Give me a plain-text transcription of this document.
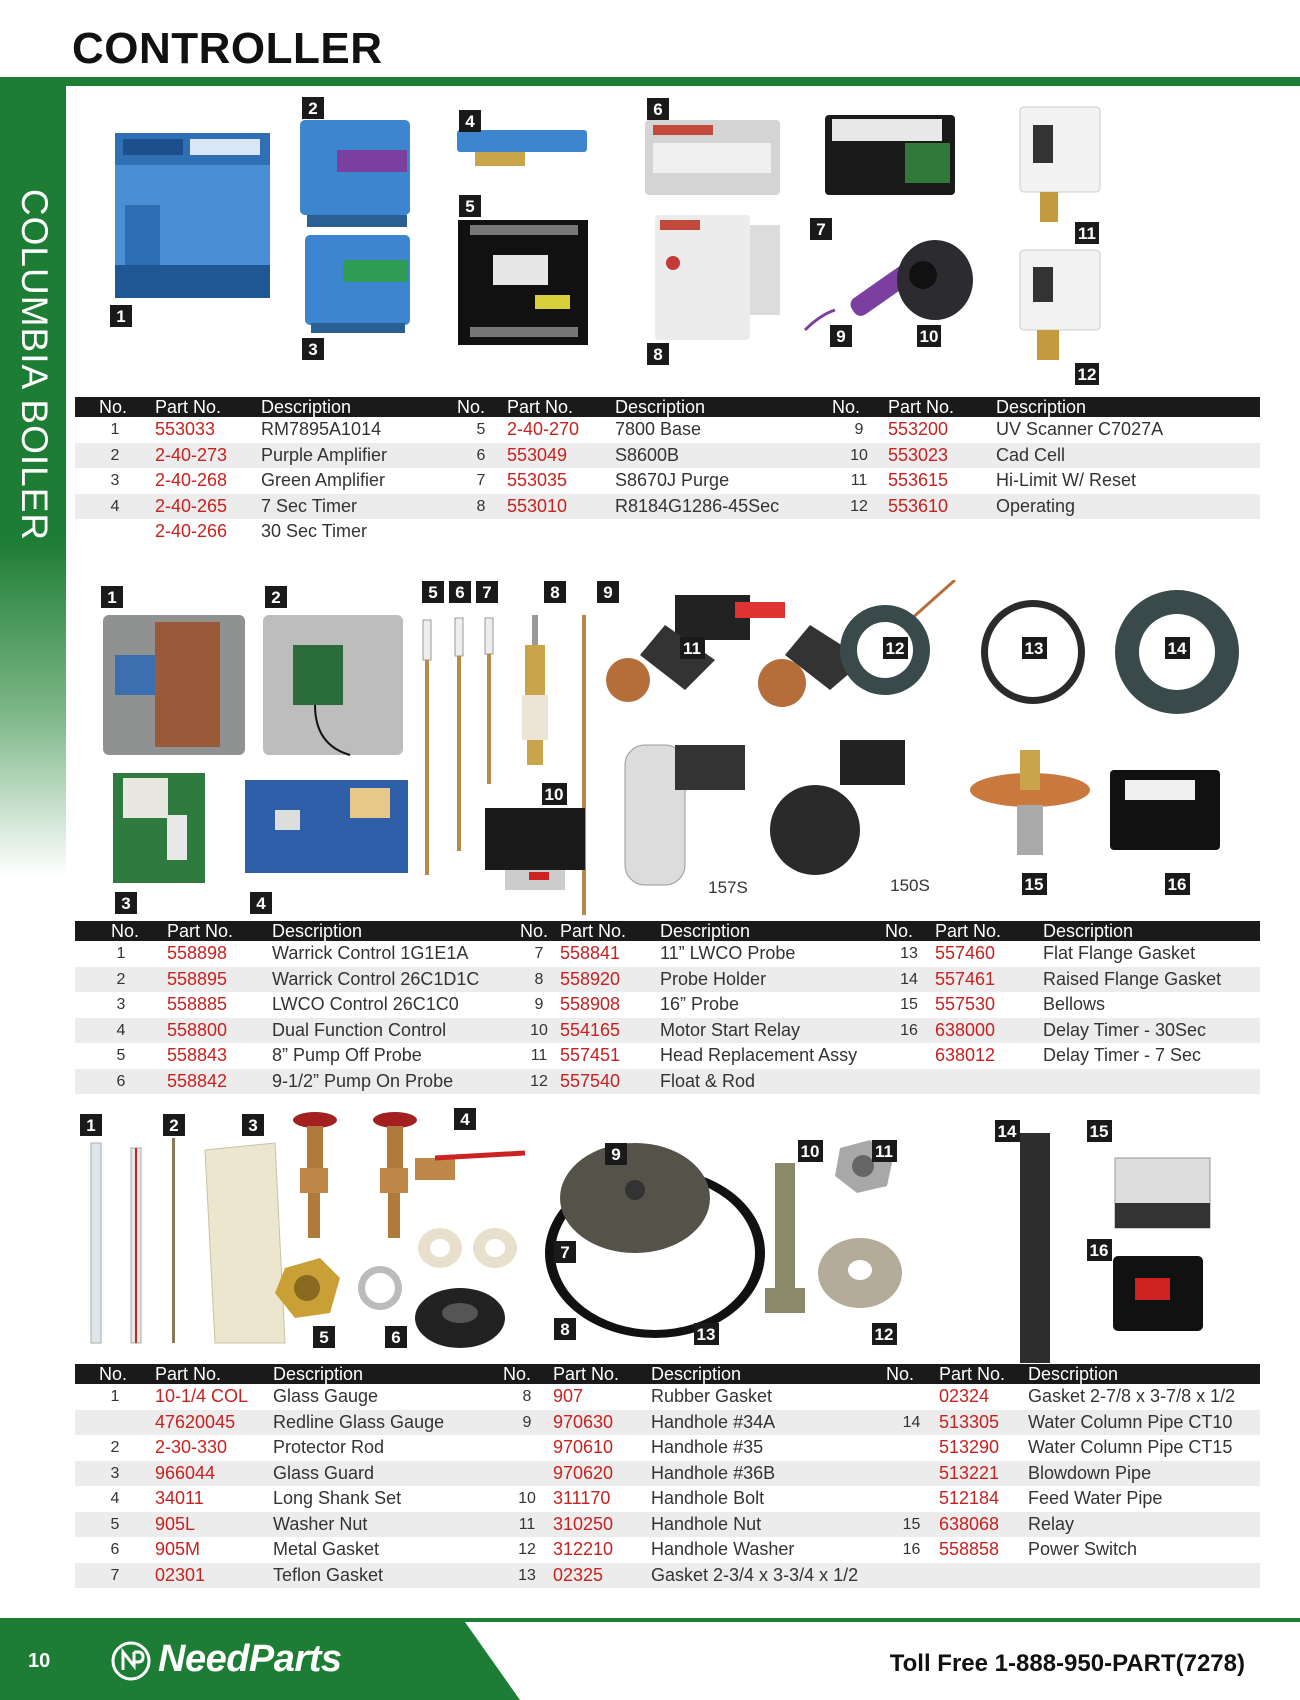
CONTROLLER
COLUMBIA BOILER	1
2
3
4
5
6
7
8
9	10
11
12
No.	Part No.	Description	No.	Part No.	Description	No.	Part No.	Description
1	553033	RM7895A1014	5	2-40-270	7800 Base	9	553200	UV Scanner C7027A
2	2-40-273	Purple Amplifier	6	553049	S8600B	10	553023	Cad Cell
3	2-40-268	Green Amplifier	7	553035	S8670J Purge	11	553615	Hi-Limit W/ Reset
4	2-40-265	7 Sec Timer	8	553010	R8184G1286-45Sec	12	553610	Operating
	2-40-266	30 Sec Timer						
157S	150S
1	2
3	4
5 6 7	8	9
10
11	12	13	14
15	16
No.	Part No.	Description	No.	Part No.	Description	No.	Part No.	Description
1	558898	Warrick Control 1G1E1A	7	558841	11” LWCO Probe	13	557460	Flat Flange Gasket
2	558895	Warrick Control 26C1D1C	8	558920	Probe Holder	14	557461	Raised Flange Gasket
3	558885	LWCO Control 26C1C0	9	558908	16” Probe	15	557530	Bellows
4	558800	Dual Function Control	10	554165	Motor Start Relay	16	638000	Delay Timer - 30Sec
5	558843	8” Pump Off Probe	11	557451	Head Replacement Assy		638012	Delay Timer - 7 Sec
6	558842	9-1/2” Pump On Probe	12	557540	Float & Rod			
1	2	3	4
5	6
7
8
9	10	11
12
13
14	15
16
No.	Part No.	Description	No.	Part No.	Description	No.	Part No.	Description
1	10-1/4 COL	Glass Gauge	8	907	Rubber Gasket		02324	Gasket 2-7/8 x 3-7/8 x 1/2
	47620045	Redline Glass Gauge	9	970630	Handhole #34A	14	513305	Water Column Pipe CT10
2	2-30-330	Protector Rod		970610	Handhole #35		513290	Water Column Pipe CT15
3	966044	Glass Guard		970620	Handhole #36B		513221	Blowdown Pipe
4	34011	Long Shank Set	10	311170	Handhole Bolt		512184	Feed Water Pipe
5	905L	Washer Nut	11	310250	Handhole Nut	15	638068	Relay
6	905M	Metal Gasket	12	312210	Handhole Washer	16	558858	Power Switch
7	02301	Teflon Gasket	13	02325	Gasket 2-3/4 x 3-3/4 x 1/2			
10	NeedParts	Toll Free 1-888-950-PART(7278)
